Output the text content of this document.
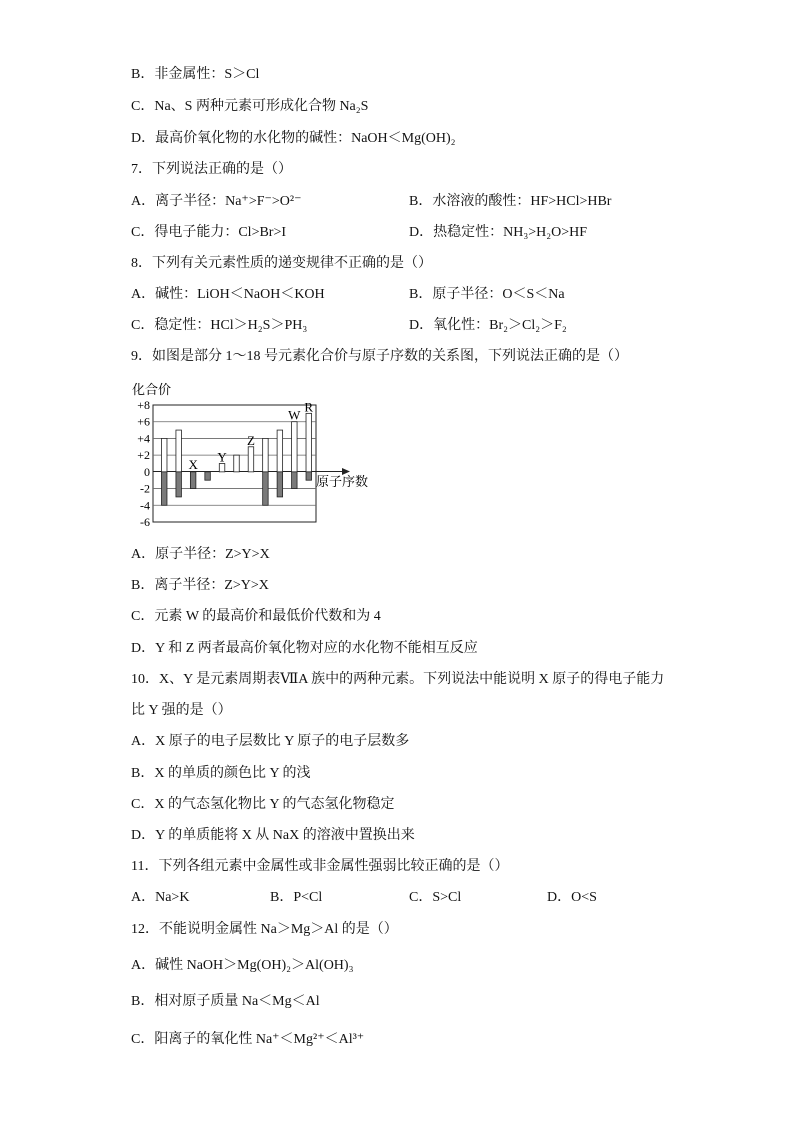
B．非金属性：S＞Cl
C．Na、S 两种元素可形成化合物 Na₂S
D．最高价氧化物的水化物的碱性：NaOH＜Mg(OH)₂
7．下列说法正确的是（）
A．离子半径：Na⁺>F⁻>O²⁻	B．水溶液的酸性：HF>HCl>HBr
C．得电子能力：Cl>Br>I	D．热稳定性：NH₃>H₂O>HF
8．下列有关元素性质的递变规律不正确的是（）
A．碱性：LiOH＜NaOH＜KOH	B．原子半径：O＜S＜Na
C．稳定性：HCl＞H₂S＞PH₃	D．氧化性：Br₂＞Cl₂＞F₂
9．如图是部分 1～18 号元素化合价与原子序数的关系图，下列说法正确的是（）
化合价
+8
+6
+4
+2
0
-2
-4
-6
X Y
Z
W
R
原子序数
A．原子半径：Z>Y>X
B．离子半径：Z>Y>X
C．元素 W 的最高价和最低价代数和为 4
D．Y 和 Z 两者最高价氧化物对应的水化物不能相互反应
10．X、Y 是元素周期表ⅦA 族中的两种元素。下列说法中能说明 X 原子的得电子能力
比 Y 强的是（）
A．X 原子的电子层数比 Y 原子的电子层数多
B．X 的单质的颜色比 Y 的浅
C．X 的气态氢化物比 Y 的气态氢化物稳定
D．Y 的单质能将 X 从 NaX 的溶液中置换出来
11．下列各组元素中金属性或非金属性强弱比较正确的是（）
A．Na>K	B．P<Cl	C．S>Cl	D．O<S
12．不能说明金属性 Na＞Mg＞Al 的是（）
A．碱性 NaOH＞Mg(OH)₂＞Al(OH)₃
B．相对原子质量 Na＜Mg＜Al
C．阳离子的氧化性 Na⁺＜Mg²⁺＜Al³⁺
